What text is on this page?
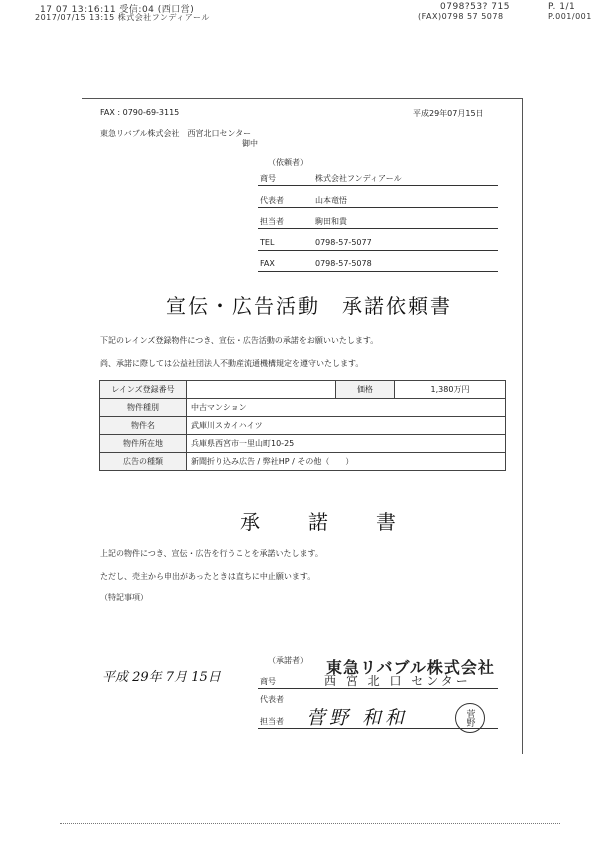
17 07 13:16:11 受信:04 (西口営)	0798?53? 715	P. 1/1
2017/07/15 13:15 株式会社フンディアール	(FAX)0798 57 5078	P.001/001
FAX : 0790-69-3115	平成29年07月15日
東急リバブル株式会社　西宮北口センター
御中
（依頼者）
商号	株式会社フンディアール
代表者	山本竜悟
担当者	駒田和貴
TEL	0798-57-5077
FAX	0798-57-5078
宣伝・広告活動　承諾依頼書
下記のレインズ登録物件につき、宣伝・広告活動の承諾をお願いいたします。
尚、承諾に際しては公益社団法人不動産流通機構規定を遵守いたします。
レインズ登録番号		価格	1,380万円
物件種別	中古マンション		
物件名	武庫川スカイハイツ		
物件所在地	兵庫県西宮市一里山町10-25		
広告の種類	新聞折り込み広告 / 弊社HP / その他（　　）		
承　諾　書
上記の物件につき、宣伝・広告を行うことを承諾いたします。
ただし、売主から申出があったときは直ちに中止願います。
（特記事項）
平成 29年 7月 15日
（承諾者） 東急リバブル株式会社
商号	西 宮 北 口 センター
代表者
担当者 菅野 和和	菅野
